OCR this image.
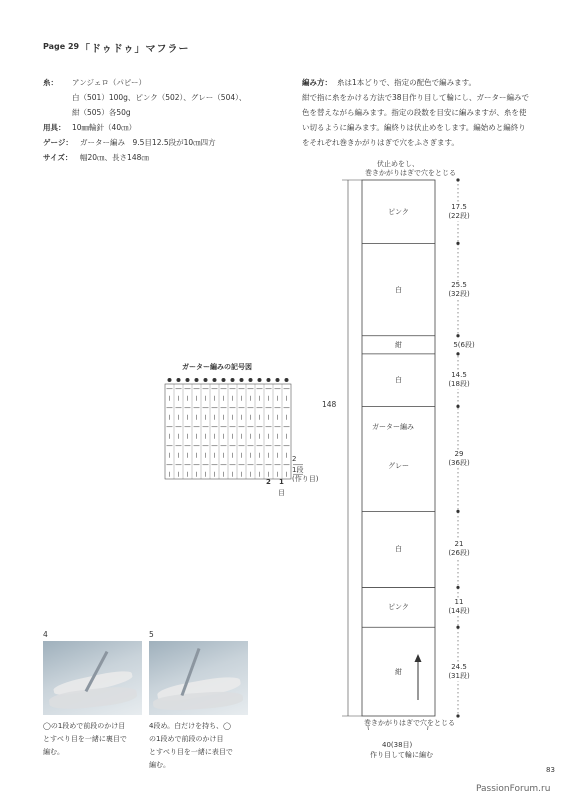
Page 29 「ドゥドゥ」マフラー
糸： アンジェロ（パピー）
白（501）100g、ピンク（502）、グレー（504）、
紺（505）各50g
用具： 10㎜輪針（40㎝）
ゲージ： ガーター編み　9.5目12.5段が10㎝四方
サイズ： 幅20㎝、長さ148㎝
編み方： 糸は1本どりで、指定の配色で編みます。
紺で指に糸をかける方法で38目作り目して輪にし、ガーター編みで
色を替えながら編みます。指定の段数を目安に編みますが、糸を使
い切るように編みます。編終りは伏止めをします。編始めと編終り
をそれぞれ巻きかがりはぎで穴をふさぎます。
ガーター編みの記号図
2
1段
(作り目)
2 1
目
伏止めをし、
巻きかがりはぎで穴をとじる
148
ピンク
17.5
(22段)
白
25.5
(32段)
紺	5(6段)
白
14.5
(18段)
グレー
29
(36段)
白
21
(26段)
ピンク
11
(14段)
紺
24.5
(31段)
ガーター編み
巻きかがりはぎで穴をとじる
40(38目)
作り目して輪に編む
4
◯の1段めで前段のかけ目
とすべり目を一緒に裏目で
編む。
5
4段め。白だけを持ち、◯
の1段めで前段のかけ目
とすべり目を一緒に表目で
編む。
83
PassionForum.ru
